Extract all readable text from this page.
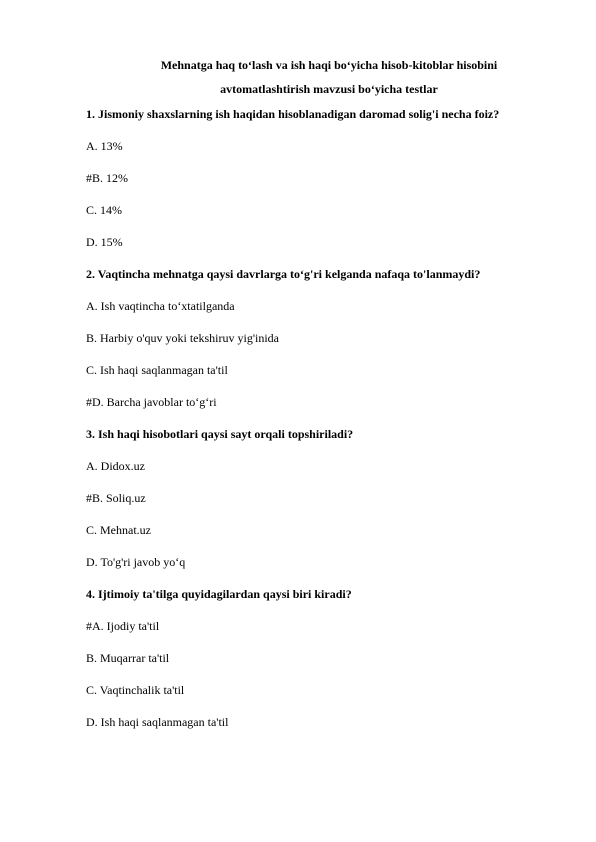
Mehnatga haq to‘lash va ish haqi bo‘yicha hisob-kitoblar hisobini
avtomatlashtirish mavzusi bo‘yicha testlar

1. Jismoniy shaxslarning ish haqidan hisoblanadigan daromad solig'i necha foiz?

A. 13%

#B. 12%

C. 14%

D. 15%

2. Vaqtincha mehnatga qaysi davrlarga to‘g'ri kelganda nafaqa to'lanmaydi?

A. Ish vaqtincha to‘xtatilganda

B. Harbiy o'quv yoki tekshiruv yig'inida

C. Ish haqi saqlanmagan ta'til

#D. Barcha javoblar to‘g‘ri

3. Ish haqi hisobotlari qaysi sayt orqali topshiriladi?

A. Didox.uz

#B. Soliq.uz

C. Mehnat.uz

D. To'g'ri javob yo‘q

4. Ijtimoiy ta'tilga quyidagilardan qaysi biri kiradi?

#A. Ijodiy ta'til

B. Muqarrar ta'til

C. Vaqtinchalik ta'til

D. Ish haqi saqlanmagan ta'til
